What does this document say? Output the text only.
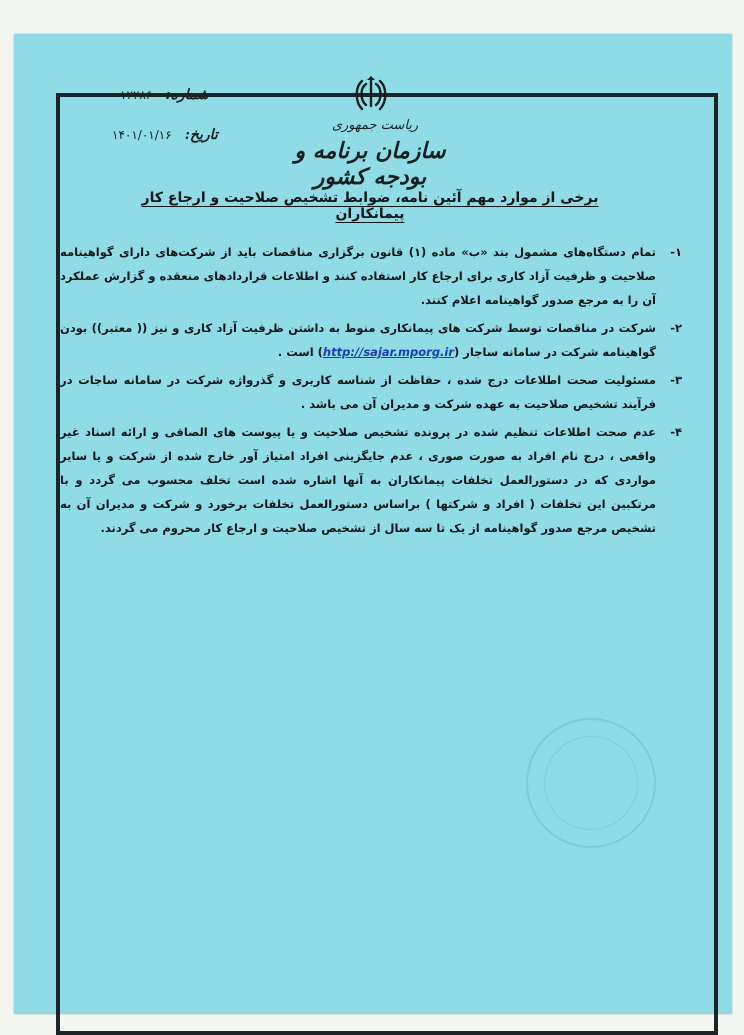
ریاست جمهوری
سازمان برنامه و بودجه کشور
شماره: ۱۲۲۸۶
تاریخ: ۱۴۰۱/۰۱/۱۶
برخی از موارد مهم آئین نامه، ضوابط تشخیص صلاحیت و ارجاع کار پیمانکاران
۱-
تمام دستگاه‌های مشمول بند «ب» ماده (۱) قانون برگزاری مناقصات باید از شرکت‌های دارای گواهینامه صلاحیت و ظرفیت آزاد کاری برای ارجاع کار استفاده کنند و اطلاعات قراردادهای منعقده و گزارش عملکرد آن را به مرجع صدور گواهینامه اعلام کنند.
۲-
شرکت در مناقصات توسط شرکت های پیمانکاری منوط به داشتن ظرفیت آزاد کاری و نیز (( معتبر)) بودن گواهینامه شرکت در سامانه ساجار (http://sajar.mporg.ir) است .
۳-
مسئولیت صحت اطلاعات درج شده ، حفاظت از شناسه کاربری و گذرواژه شرکت در سامانه ساجات در فرآیند تشخیص صلاحیت به عهده شرکت و مدیران آن می باشد .
۴-
عدم صحت اطلاعات تنظیم شده در پرونده تشخیص صلاحیت و یا پیوست های الصاقی و ارائه اسناد غیر واقعی ، درج نام افراد به صورت صوری ، عدم جایگزینی افراد امتیاز آور خارج شده از شرکت و یا سایر مواردی که در دستورالعمل تخلفات پیمانکاران به آنها اشاره شده است تخلف محسوب می گردد و با مرتکبین این تخلفات ( افراد و شرکتها ) براساس دستورالعمل تخلفات برخورد و شرکت و مدیران آن به تشخیص مرجع صدور گواهینامه از یک تا سه سال از تشخیص صلاحیت و ارجاع کار محروم می گردند.
